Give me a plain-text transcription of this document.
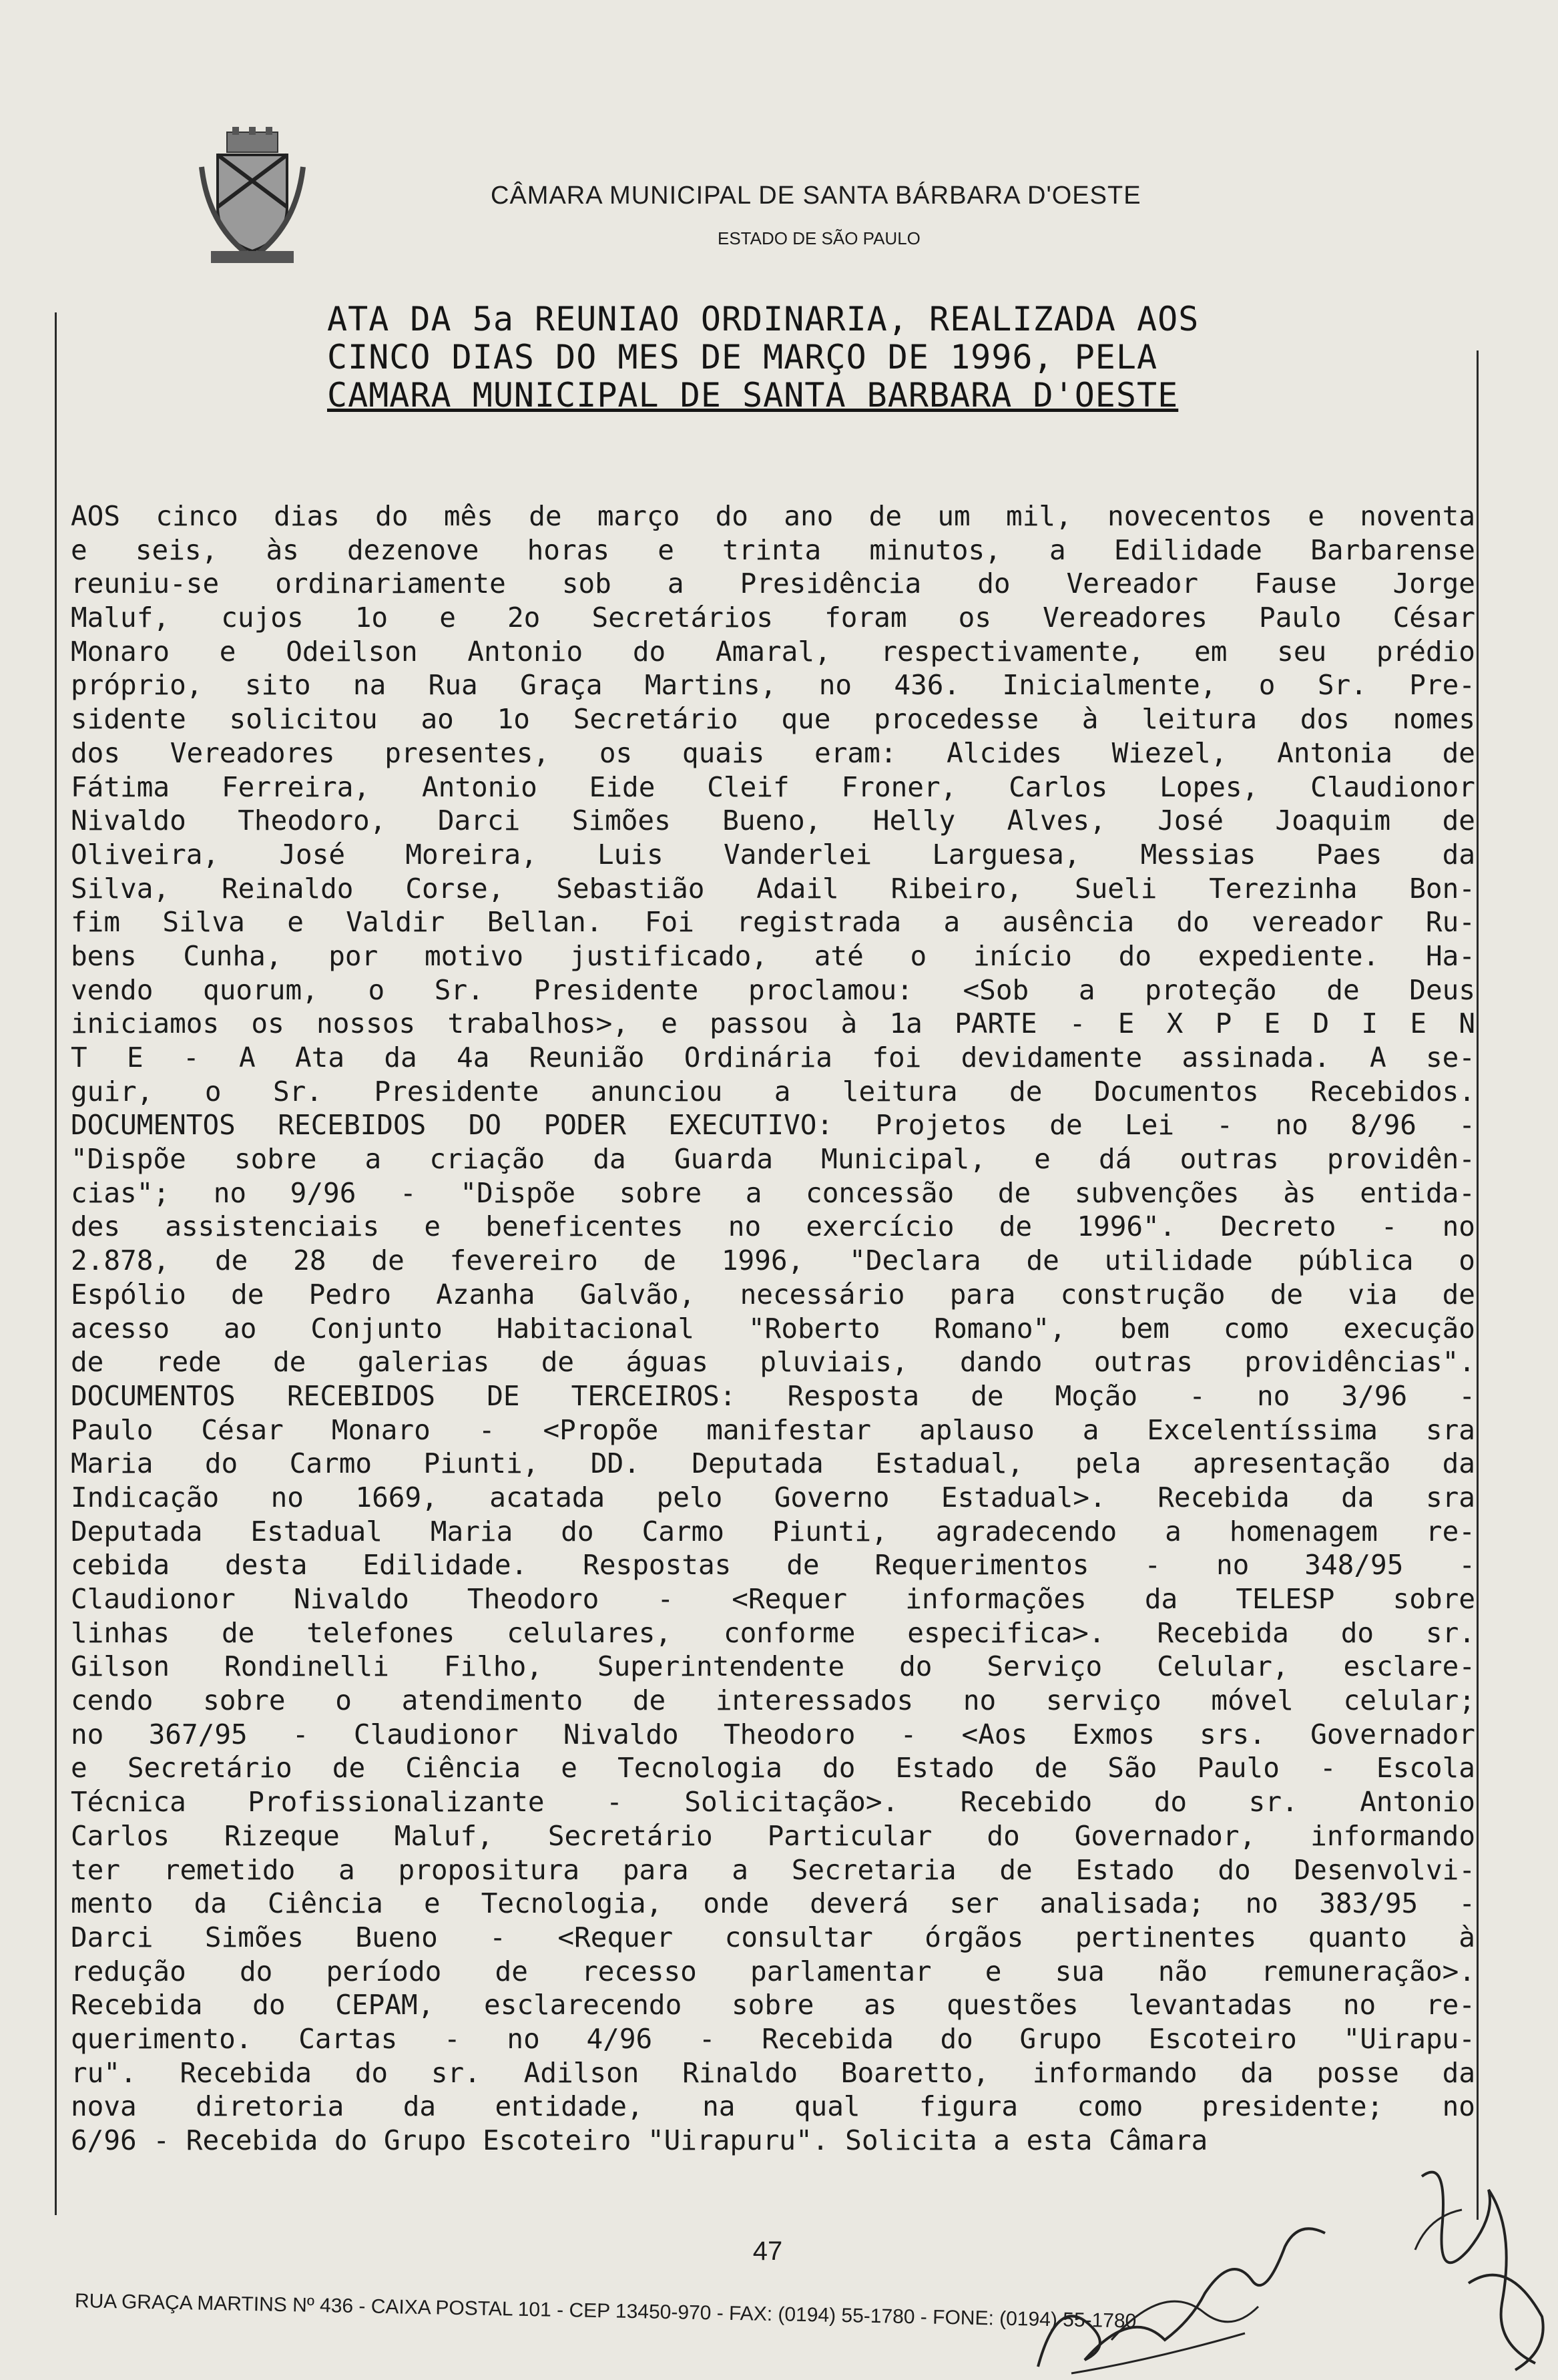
CÂMARA MUNICIPAL DE SANTA BÁRBARA D'OESTE
ESTADO DE SÃO PAULO
ATA DA 5a REUNIAO ORDINARIA, REALIZADA AOS
CINCO DIAS DO MES DE MARÇO DE 1996, PELA
CAMARA MUNICIPAL DE SANTA BARBARA D'OESTE
AOS cinco dias do mês de março do ano de um mil, novecentos e noventa
e seis, às dezenove horas e trinta minutos, a Edilidade Barbarense
reuniu-se ordinariamente sob a Presidência do Vereador Fause Jorge
Maluf, cujos 1o e 2o Secretários foram os Vereadores Paulo César
Monaro e Odeilson Antonio do Amaral, respectivamente, em seu prédio
próprio, sito na Rua Graça Martins, no 436. Inicialmente, o Sr. Pre-
sidente solicitou ao 1o Secretário que procedesse à leitura dos nomes
dos Vereadores presentes, os quais eram: Alcides Wiezel, Antonia de
Fátima Ferreira, Antonio Eide Cleif Froner, Carlos Lopes, Claudionor
Nivaldo Theodoro, Darci Simões Bueno, Helly Alves, José Joaquim de
Oliveira, José Moreira, Luis Vanderlei Larguesa, Messias Paes da
Silva, Reinaldo Corse, Sebastião Adail Ribeiro, Sueli Terezinha Bon-
fim Silva e Valdir Bellan. Foi registrada a ausência do vereador Ru-
bens Cunha, por motivo justificado, até o início do expediente. Ha-
vendo quorum, o Sr. Presidente proclamou: <Sob a proteção de Deus
iniciamos os nossos trabalhos>, e passou à 1a PARTE - E X P E D I E N
T E - A Ata da 4a Reunião Ordinária foi devidamente assinada. A se-
guir, o Sr. Presidente anunciou a leitura de Documentos Recebidos.
DOCUMENTOS RECEBIDOS DO PODER EXECUTIVO: Projetos de Lei - no 8/96 -
"Dispõe sobre a criação da Guarda Municipal, e dá outras providên-
cias"; no 9/96 - "Dispõe sobre a concessão de subvenções às entida-
des assistenciais e beneficentes no exercício de 1996". Decreto - no
2.878, de 28 de fevereiro de 1996, "Declara de utilidade pública o
Espólio de Pedro Azanha Galvão, necessário para construção de via de
acesso ao Conjunto Habitacional "Roberto Romano", bem como execução
de rede de galerias de águas pluviais, dando outras providências".
DOCUMENTOS RECEBIDOS DE TERCEIROS: Resposta de Moção - no 3/96 -
Paulo César Monaro - <Propõe manifestar aplauso a Excelentíssima sra
Maria do Carmo Piunti, DD. Deputada Estadual, pela apresentação da
Indicação no 1669, acatada pelo Governo Estadual>. Recebida da sra
Deputada Estadual Maria do Carmo Piunti, agradecendo a homenagem re-
cebida desta Edilidade. Respostas de Requerimentos - no 348/95 -
Claudionor Nivaldo Theodoro - <Requer informações da TELESP sobre
linhas de telefones celulares, conforme especifica>. Recebida do sr.
Gilson Rondinelli Filho, Superintendente do Serviço Celular, esclare-
cendo sobre o atendimento de interessados no serviço móvel celular;
no 367/95 - Claudionor Nivaldo Theodoro - <Aos Exmos srs. Governador
e Secretário de Ciência e Tecnologia do Estado de São Paulo - Escola
Técnica Profissionalizante - Solicitação>. Recebido do sr. Antonio
Carlos Rizeque Maluf, Secretário Particular do Governador, informando
ter remetido a propositura para a Secretaria de Estado do Desenvolvi-
mento da Ciência e Tecnologia, onde deverá ser analisada; no 383/95 -
Darci Simões Bueno - <Requer consultar órgãos pertinentes quanto à
redução do período de recesso parlamentar e sua não remuneração>.
Recebida do CEPAM, esclarecendo sobre as questões levantadas no re-
querimento. Cartas - no 4/96 - Recebida do Grupo Escoteiro "Uirapu-
ru". Recebida do sr. Adilson Rinaldo Boaretto, informando da posse da
nova diretoria da entidade, na qual figura como presidente; no
6/96 - Recebida do Grupo Escoteiro "Uirapuru". Solicita a esta Câmara
47
RUA GRAÇA MARTINS Nº 436 - CAIXA POSTAL 101 - CEP 13450-970 - FAX: (0194) 55-1780 - FONE: (0194) 55-1780
